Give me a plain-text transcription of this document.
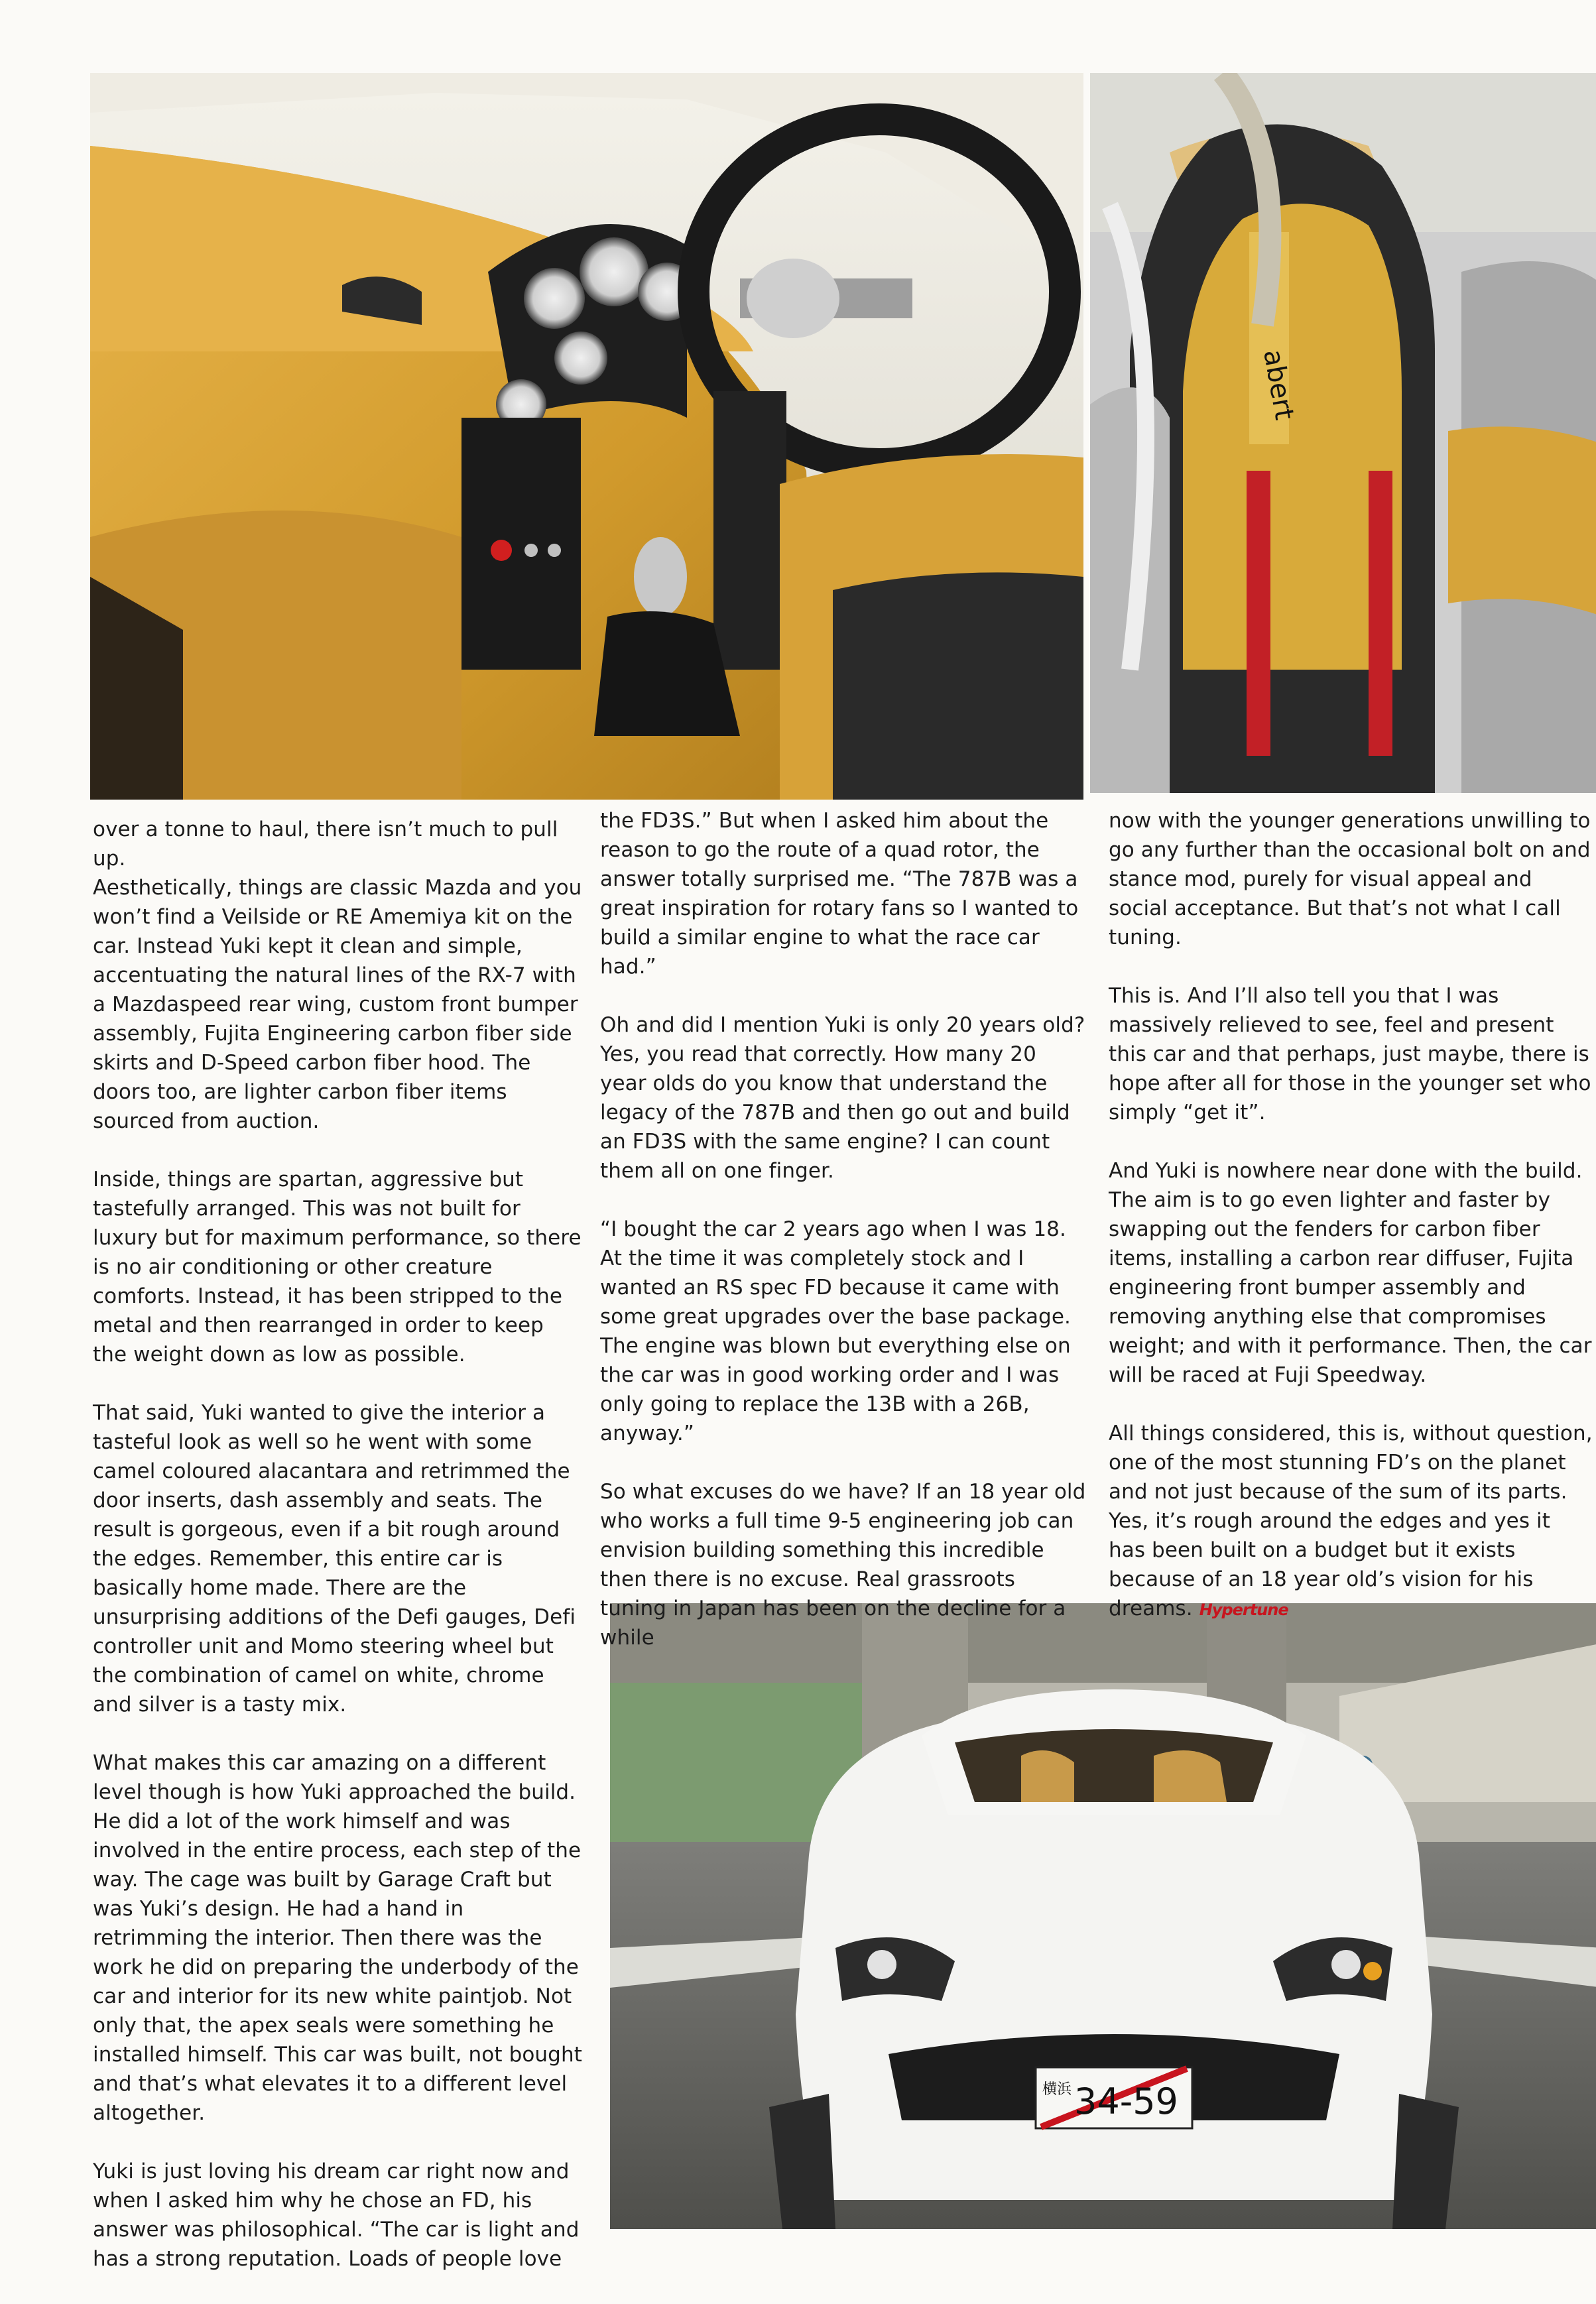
abert
横浜 34-59

over a tonne to haul, there isn’t much to pull up.

Aesthetically, things are classic Mazda and you won’t find a Veilside or RE Amemiya kit on the car. Instead Yuki kept it clean and simple, accentuating the natural lines of the RX-7 with a Mazdaspeed rear wing, custom front bumper assembly, Fujita Engineering carbon fiber side skirts and D-Speed carbon fiber hood. The doors too, are lighter carbon fiber items sourced from auction.

Inside, things are spartan, aggressive but tastefully arranged. This was not built for luxury but for maximum performance, so there is no air conditioning or other creature comforts. Instead, it has been stripped to the metal and then rearranged in order to keep the weight down as low as possible.

That said, Yuki wanted to give the interior a tasteful look as well so he went with some camel coloured alacantara and retrimmed the door inserts, dash assembly and seats. The result is gorgeous, even if a bit rough around the edges. Remember, this entire car is basically home made. There are the unsurprising additions of the Defi gauges, Defi controller unit and Momo steering wheel but the combination of camel on white, chrome and silver is a tasty mix.

What makes this car amazing on a different level though is how Yuki approached the build. He did a lot of the work himself and was involved in the entire process, each step of the way. The cage was built by Garage Craft but was Yuki’s design. He had a hand in retrimming the interior. Then there was the work he did on preparing the underbody of the car and interior for its new white paintjob. Not only that, the apex seals were something he installed himself. This car was built, not bought and that’s what elevates it to a different level altogether.

Yuki is just loving his dream car right now and when I asked him why he chose an FD, his answer was philosophical. “The car is light and has a strong reputation. Loads of people love

the FD3S.” But when I asked him about the reason to go the route of a quad rotor, the answer totally surprised me. “The 787B was a great inspiration for rotary fans so I wanted to build a similar engine to what the race car had.”

Oh and did I mention Yuki is only 20 years old? Yes, you read that correctly. How many 20 year olds do you know that understand the legacy of the 787B and then go out and build an FD3S with the same engine? I can count them all on one finger.

“I bought the car 2 years ago when I was 18. At the time it was completely stock and I wanted an RS spec FD because it came with some great upgrades over the base package. The engine was blown but everything else on the car was in good working order and I was only going to replace the 13B with a 26B, anyway.”

So what excuses do we have? If an 18 year old who works a full time 9-5 engineering job can envision building something this incredible then there is no excuse. Real grassroots tuning in Japan has been on the decline for a while

now with the younger generations unwilling to go any further than the occasional bolt on and stance mod, purely for visual appeal and social acceptance. But that’s not what I call tuning.

This is. And I’ll also tell you that I was massively relieved to see, feel and present this car and that perhaps, just maybe, there is hope after all for those in the younger set who simply “get it”.

And Yuki is nowhere near done with the build. The aim is to go even lighter and faster by swapping out the fenders for carbon fiber items, installing a carbon rear diffuser, Fujita engineering front bumper assembly and removing anything else that compromises weight; and with it performance. Then, the car will be raced at Fuji Speedway.

All things considered, this is, without question, one of the most stunning FD’s on the planet and not just because of the sum of its parts. Yes, it’s rough around the edges and yes it has been built on a budget but it exists because of an 18 year old’s vision for his dreams. Hypertune
